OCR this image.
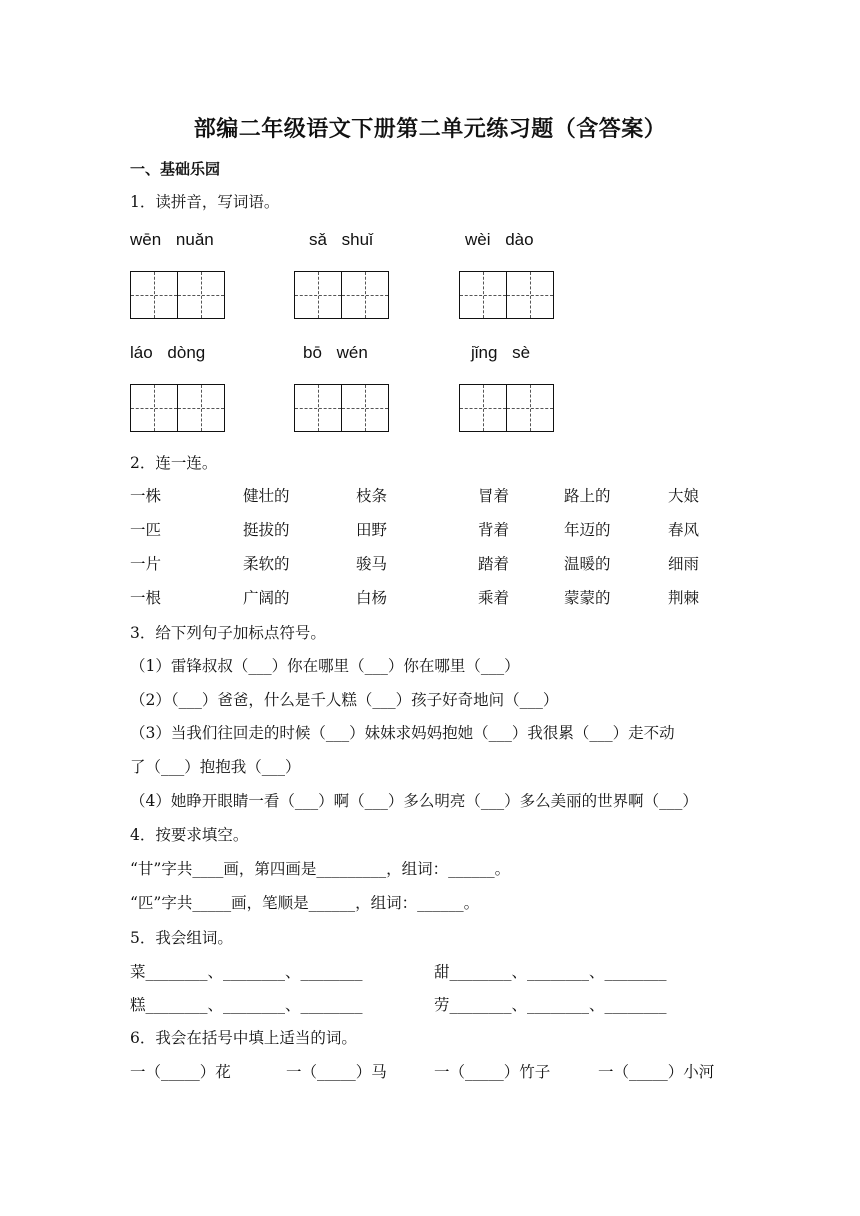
部编二年级语文下册第二单元练习题（含答案）
一、基础乐园
1．读拼音，写词语。
wēn nuǎn	sǎ shuǐ	wèi dào
láo dòng	bō wén	jǐng sè
2．连一连。
一株	健壮的	枝条	冒着	路上的	大娘
一匹	挺拔的	田野	背着	年迈的	春风
一片	柔软的	骏马	踏着	温暖的	细雨
一根	广阔的	白杨	乘着	蒙蒙的	荆棘
3．给下列句子加标点符号。
（1）雷锋叔叔（___）你在哪里（___）你在哪里（___）
（2）（___）爸爸，什么是千人糕（___）孩子好奇地问（___）
（3）当我们往回走的时候（___）妹妹求妈妈抱她（___）我很累（___）走不动
了（___）抱抱我（___）
（4）她睁开眼睛一看（___）啊（___）多么明亮（___）多么美丽的世界啊（___）
4．按要求填空。
“甘”字共____画，第四画是_________，组词：______。
“匹”字共_____画，笔顺是______，组词：______。
5．我会组词。
菜________、________、________	甜________、________、________
糕________、________、________	劳________、________、________
6．我会在括号中填上适当的词。
一（_____）花	一（_____）马	一（_____）竹子	一（_____）小河
